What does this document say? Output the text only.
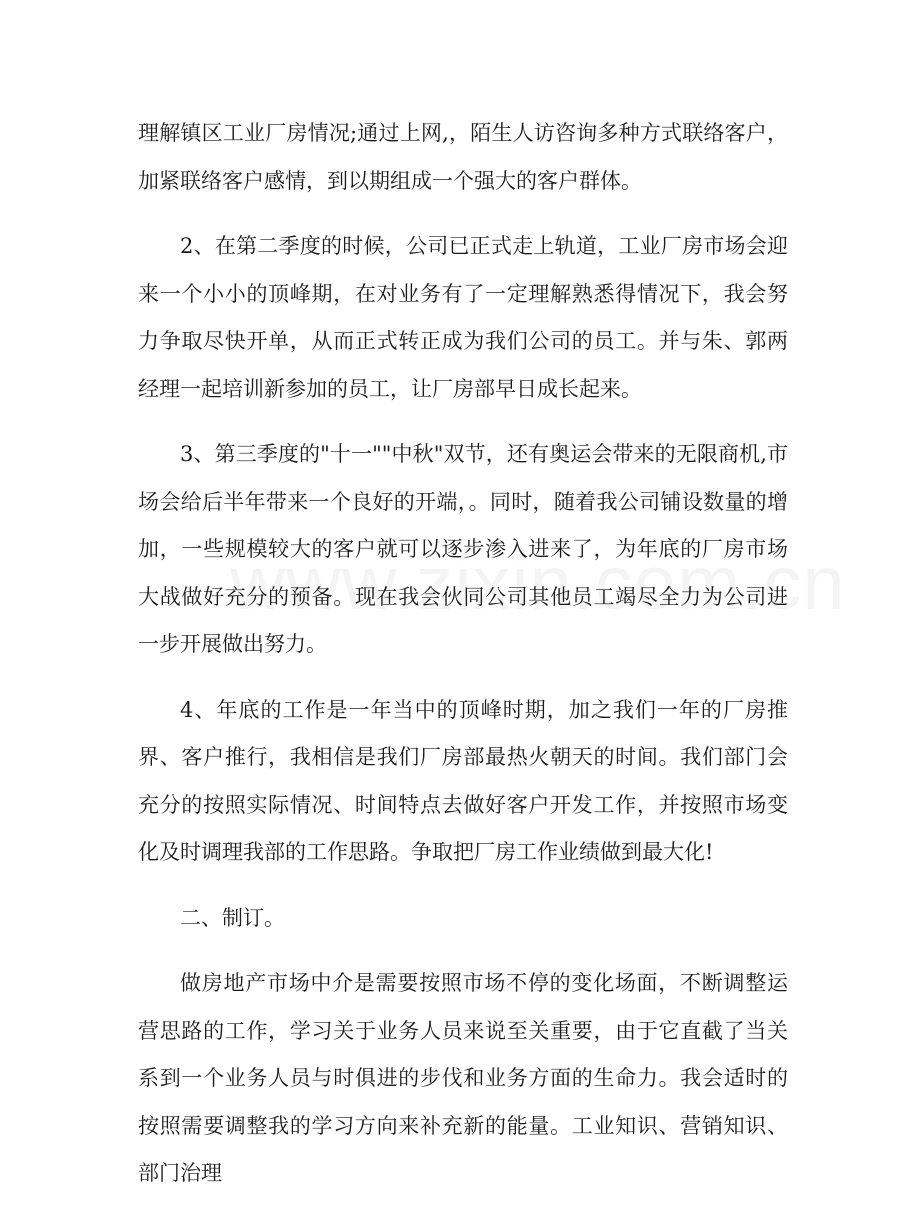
理解镇区工业厂房情况;通过上网,，陌生人访咨询多种方式联络客户，加紧联络客户感情，到以期组成一个强大的客户群体。

2、在第二季度的时候，公司已正式走上轨道，工业厂房市场会迎来一个小小的顶峰期，在对业务有了一定理解熟悉得情况下，我会努力争取尽快开单，从而正式转正成为我们公司的员工。并与朱、郭两经理一起培训新参加的员工，让厂房部早日成长起来。

3、第三季度的"十一""中秋"双节，还有奥运会带来的无限商机,市场会给后半年带来一个良好的开端，。同时，随着我公司铺设数量的增加，一些规模较大的客户就可以逐步渗入进来了，为年底的厂房市场大战做好充分的预备。现在我会伙同公司其他员工竭尽全力为公司进一步开展做出努力。

4、年底的工作是一年当中的顶峰时期，加之我们一年的厂房推界、客户推行，我相信是我们厂房部最热火朝天的时间。我们部门会充分的按照实际情况、时间特点去做好客户开发工作，并按照市场变化及时调理我部的工作思路。争取把厂房工作业绩做到最大化!

二、制订。

做房地产市场中介是需要按照市场不停的变化场面，不断调整运营思路的工作，学习关于业务人员来说至关重要，由于它直截了当关系到一个业务人员与时俱进的步伐和业务方面的生命力。我会适时的按照需要调整我的学习方向来补充新的能量。工业知识、营销知识、部门治理
